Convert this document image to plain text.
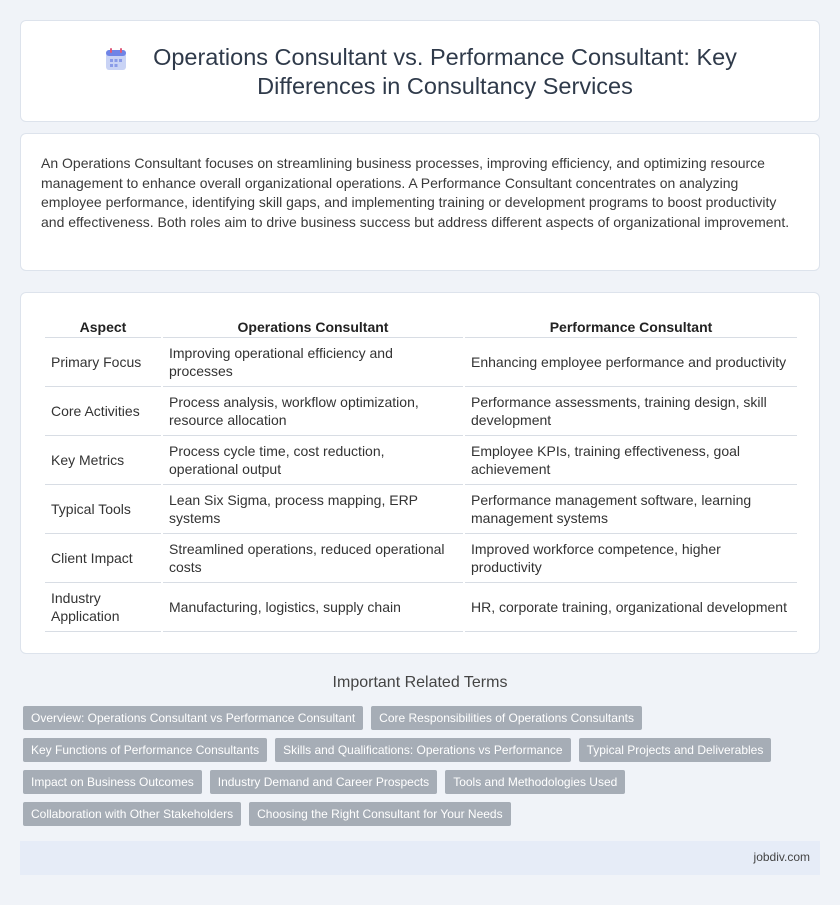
Operations Consultant vs. Performance Consultant: Key Differences in Consultancy Services

An Operations Consultant focuses on streamlining business processes, improving efficiency, and optimizing resource management to enhance overall organizational operations. A Performance Consultant concentrates on analyzing employee performance, identifying skill gaps, and implementing training or development programs to boost productivity and effectiveness. Both roles aim to drive business success but address different aspects of organizational improvement.

Aspect	Operations Consultant	Performance Consultant
Primary Focus	Improving operational efficiency and processes	Enhancing employee performance and productivity
Core Activities	Process analysis, workflow optimization, resource allocation	Performance assessments, training design, skill development
Key Metrics	Process cycle time, cost reduction, operational output	Employee KPIs, training effectiveness, goal achievement
Typical Tools	Lean Six Sigma, process mapping, ERP systems	Performance management software, learning management systems
Client Impact	Streamlined operations, reduced operational costs	Improved workforce competence, higher productivity
Industry Application	Manufacturing, logistics, supply chain	HR, corporate training, organizational development
Important Related Terms
Overview: Operations Consultant vs Performance Consultant	Core Responsibilities of Operations Consultants
Key Functions of Performance Consultants	Skills and Qualifications: Operations vs Performance	Typical Projects and Deliverables
Impact on Business Outcomes	Industry Demand and Career Prospects	Tools and Methodologies Used
Collaboration with Other Stakeholders	Choosing the Right Consultant for Your Needs
jobdiv.com
